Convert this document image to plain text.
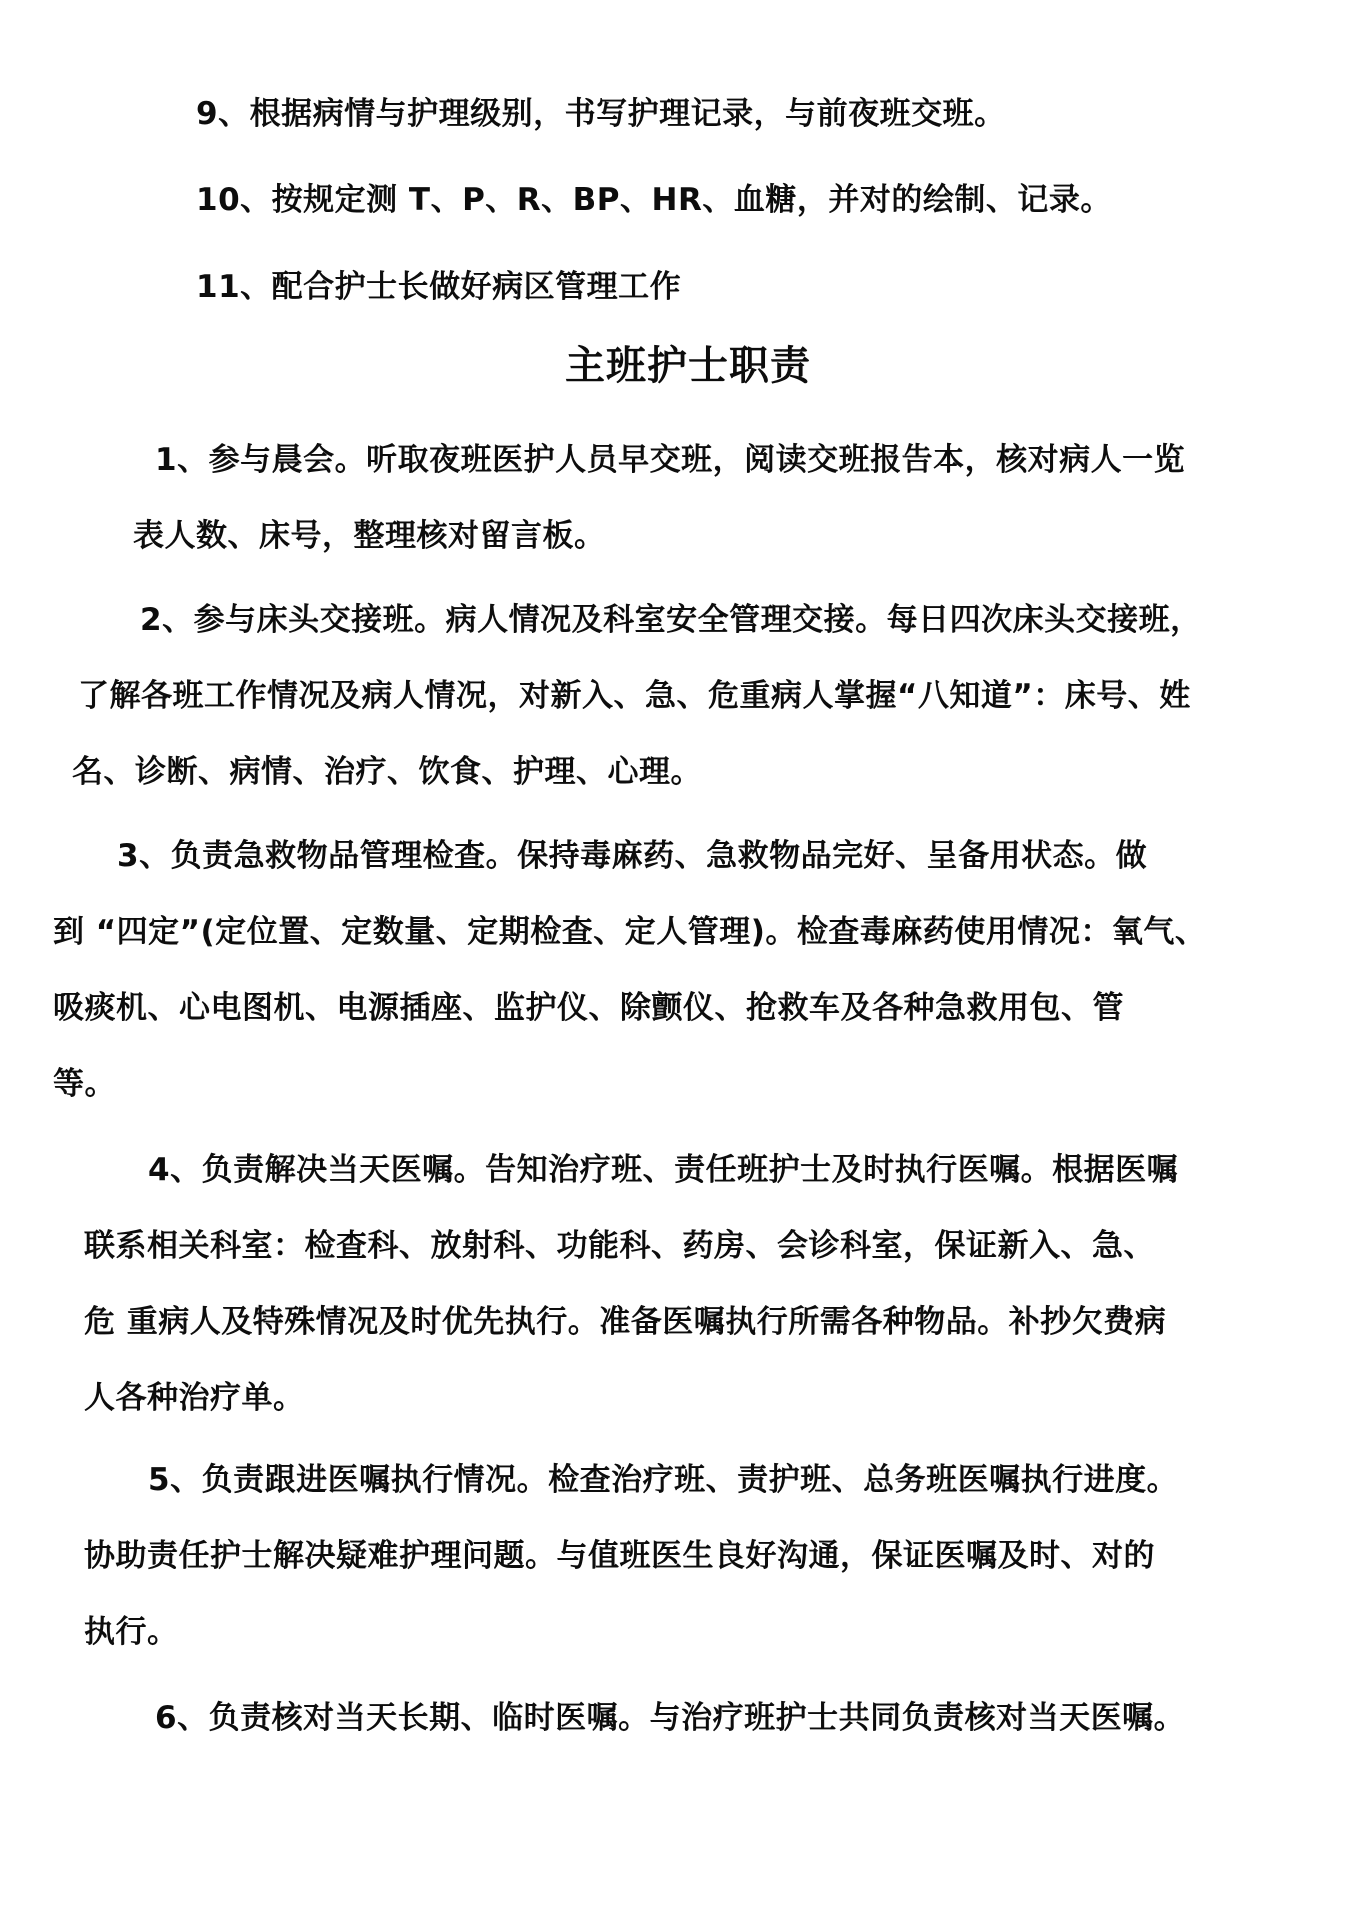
9、根据病情与护理级别，书写护理记录，与前夜班交班。
10、按规定测 T、P、R、BP、HR、血糖，并对的绘制、记录。
11、配合护士长做好病区管理工作
主班护士职责
1、参与晨会。听取夜班医护人员早交班，阅读交班报告本，核对病人一览
表人数、床号，整理核对留言板。
2、参与床头交接班。病人情况及科室安全管理交接。每日四次床头交接班，
了解各班工作情况及病人情况，对新入、急、危重病人掌握“八知道”：床号、姓
名、诊断、病情、治疗、饮食、护理、心理。
3、负责急救物品管理检查。保持毒麻药、急救物品完好、呈备用状态。做
到 “四定”(定位置、定数量、定期检查、定人管理)。检查毒麻药使用情况：氧气、
吸痰机、心电图机、电源插座、监护仪、除颤仪、抢救车及各种急救用包、管
等。
4、负责解决当天医嘱。告知治疗班、责任班护士及时执行医嘱。根据医嘱
联系相关科室：检查科、放射科、功能科、药房、会诊科室，保证新入、急、
危 重病人及特殊情况及时优先执行。准备医嘱执行所需各种物品。补抄欠费病
人各种治疗单。
5、负责跟进医嘱执行情况。检查治疗班、责护班、总务班医嘱执行进度。
协助责任护士解决疑难护理问题。与值班医生良好沟通，保证医嘱及时、对的
执行。
6、负责核对当天长期、临时医嘱。与治疗班护士共同负责核对当天医嘱。
